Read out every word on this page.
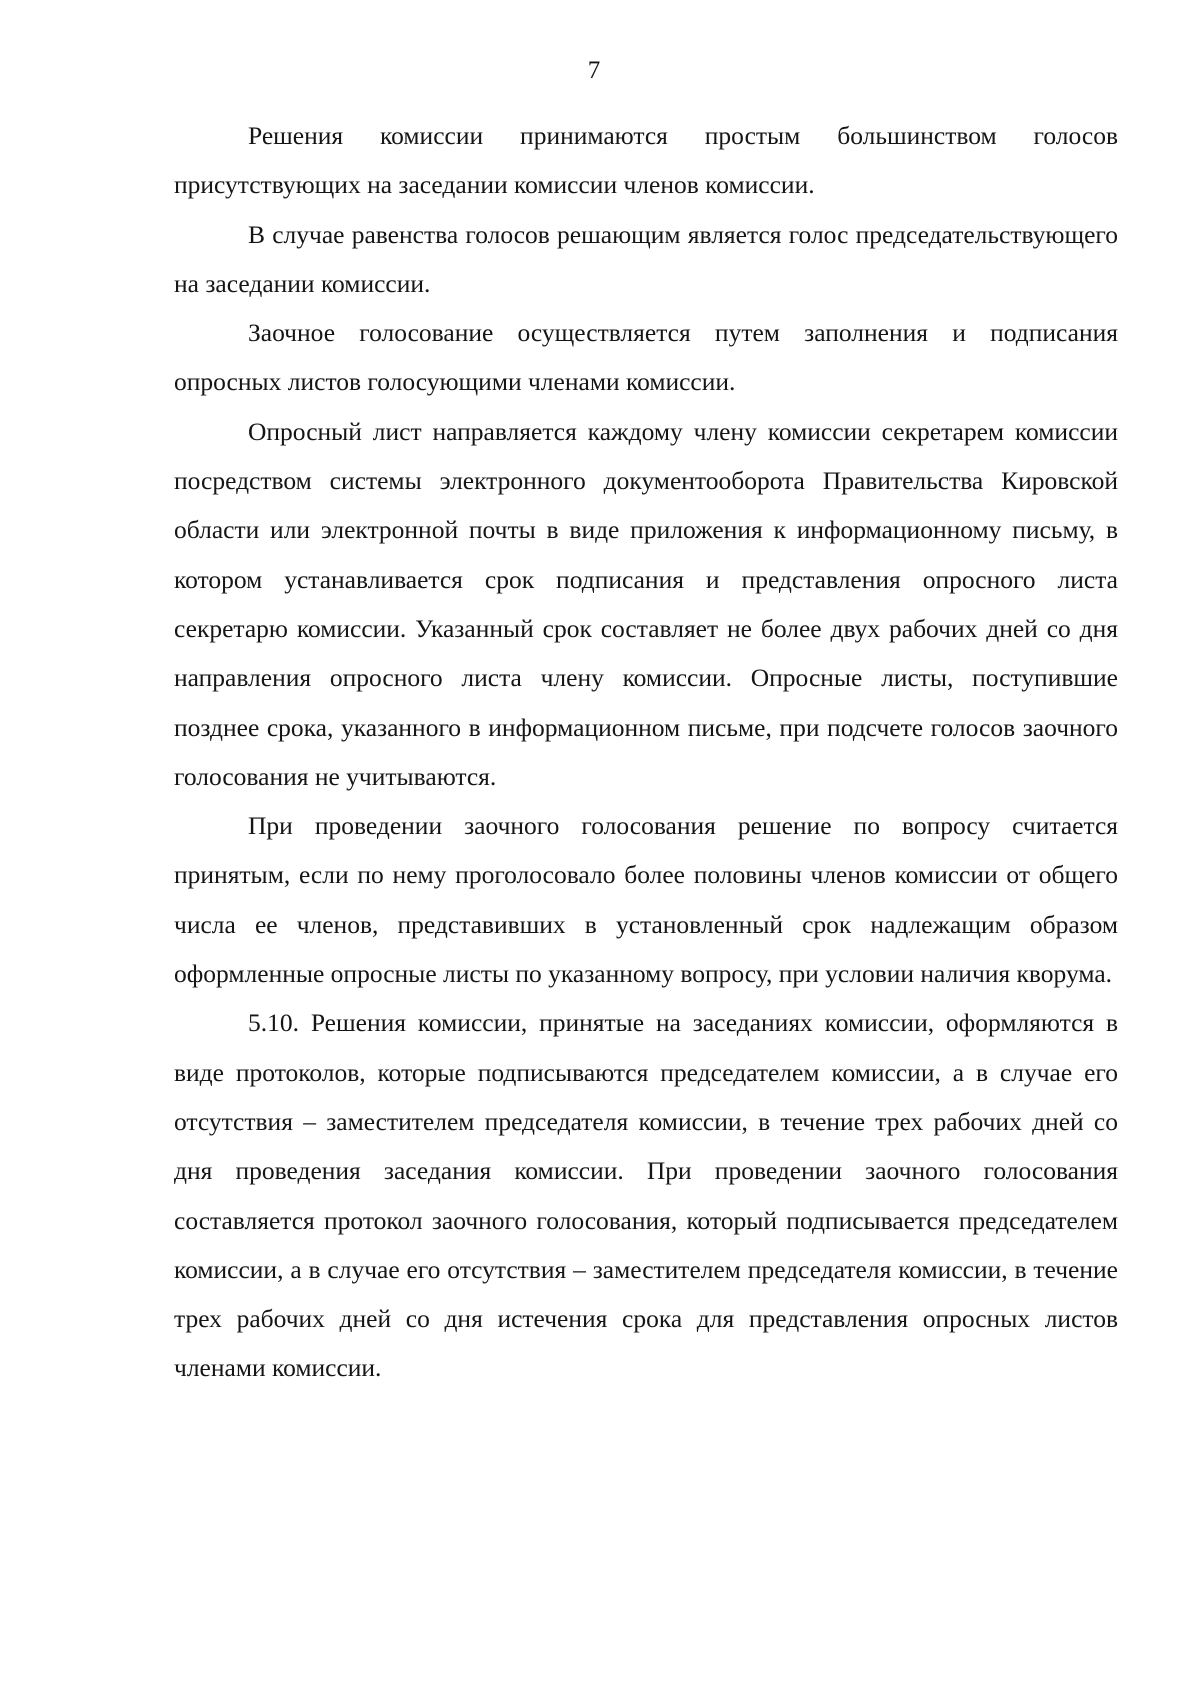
7

Решения комиссии принимаются простым большинством голосов присутствующих на заседании комиссии членов комиссии.

В случае равенства голосов решающим является голос председательствующего на заседании комиссии.

Заочное голосование осуществляется путем заполнения и подписания опросных листов голосующими членами комиссии.

Опросный лист направляется каждому члену комиссии секретарем комиссии посредством системы электронного документооборота Правительства Кировской области или электронной почты в виде приложения к информационному письму, в котором устанавливается срок подписания и представления опросного листа секретарю комиссии. Указанный срок составляет не более двух рабочих дней со дня направления опросного листа члену комиссии. Опросные листы, поступившие позднее срока, указанного в информационном письме, при подсчете голосов заочного голосования не учитываются.

При проведении заочного голосования решение по вопросу считается принятым, если по нему проголосовало более половины членов комиссии от общего числа ее членов, представивших в установленный срок надлежащим образом оформленные опросные листы по указанному вопросу, при условии наличия кворума.

5.10. Решения комиссии, принятые на заседаниях комиссии, оформляются в виде протоколов, которые подписываются председателем комиссии, а в случае его отсутствия – заместителем председателя комиссии, в течение трех рабочих дней со дня проведения заседания комиссии. При проведении заочного голосования составляется протокол заочного голосования, который подписывается председателем комиссии, а в случае его отсутствия – заместителем председателя комиссии, в течение трех рабочих дней со дня истечения срока для представления опросных листов членами комиссии.
